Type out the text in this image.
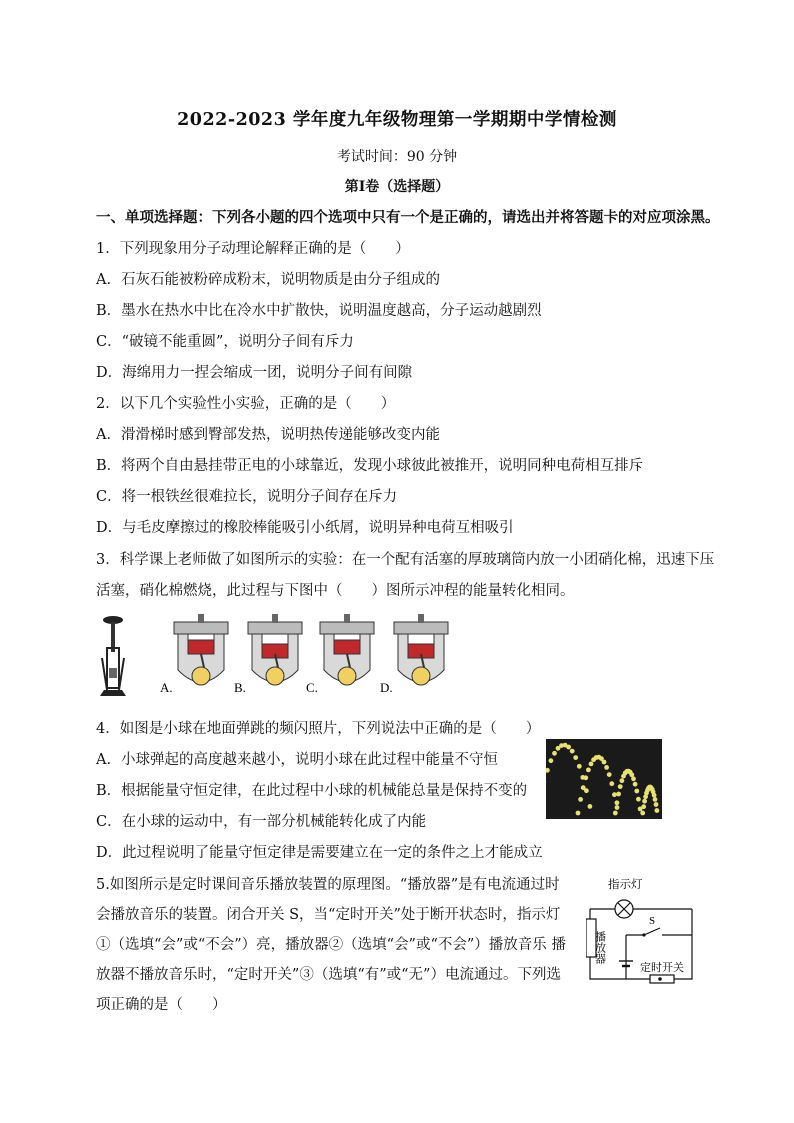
2022-2023 学年度九年级物理第一学期期中学情检测
考试时间：90 分钟
第Ⅰ卷（选择题）
一、单项选择题：下列各小题的四个选项中只有一个是正确的，请选出并将答题卡的对应项涂黑。
1．下列现象用分子动理论解释正确的是（　　）
A．石灰石能被粉碎成粉末，说明物质是由分子组成的
B．墨水在热水中比在冷水中扩散快，说明温度越高，分子运动越剧烈
C．“破镜不能重圆”，说明分子间有斥力
D．海绵用力一捏会缩成一团，说明分子间有间隙
2．以下几个实验性小实验，正确的是（　　）
A．滑滑梯时感到臀部发热，说明热传递能够改变内能
B．将两个自由悬挂带正电的小球靠近，发现小球彼此被推开，说明同种电荷相互排斥
C．将一根铁丝很难拉长，说明分子间存在斥力
D．与毛皮摩擦过的橡胶棒能吸引小纸屑，说明异种电荷互相吸引
3．科学课上老师做了如图所示的实验：在一个配有活塞的厚玻璃筒内放一小团硝化棉，迅速下压
活塞，硝化棉燃烧，此过程与下图中（　　）图所示冲程的能量转化相同。
A.	B.	C.	D.
4．如图是小球在地面弹跳的频闪照片，下列说法中正确的是（　　）
A．小球弹起的高度越来越小，说明小球在此过程中能量不守恒
B．根据能量守恒定律，在此过程中小球的机械能总量是保持不变的
C．在小球的运动中，有一部分机械能转化成了内能
D．此过程说明了能量守恒定律是需要建立在一定的条件之上才能成立
5.如图所示是定时课间音乐播放装置的原理图。“播放器”是有电流通过时会播放音乐的装置。闭合开关 S，当“定时开关”处于断开状态时，指示灯①（选填“会”或“不会”）亮，播放器②（选填“会”或“不会”）播放音乐 播放器不播放音乐时，“定时开关”③（选填“有”或“无”）电流通过。下列选项正确的是（　　）
指示灯
播放器
S
定时开关
